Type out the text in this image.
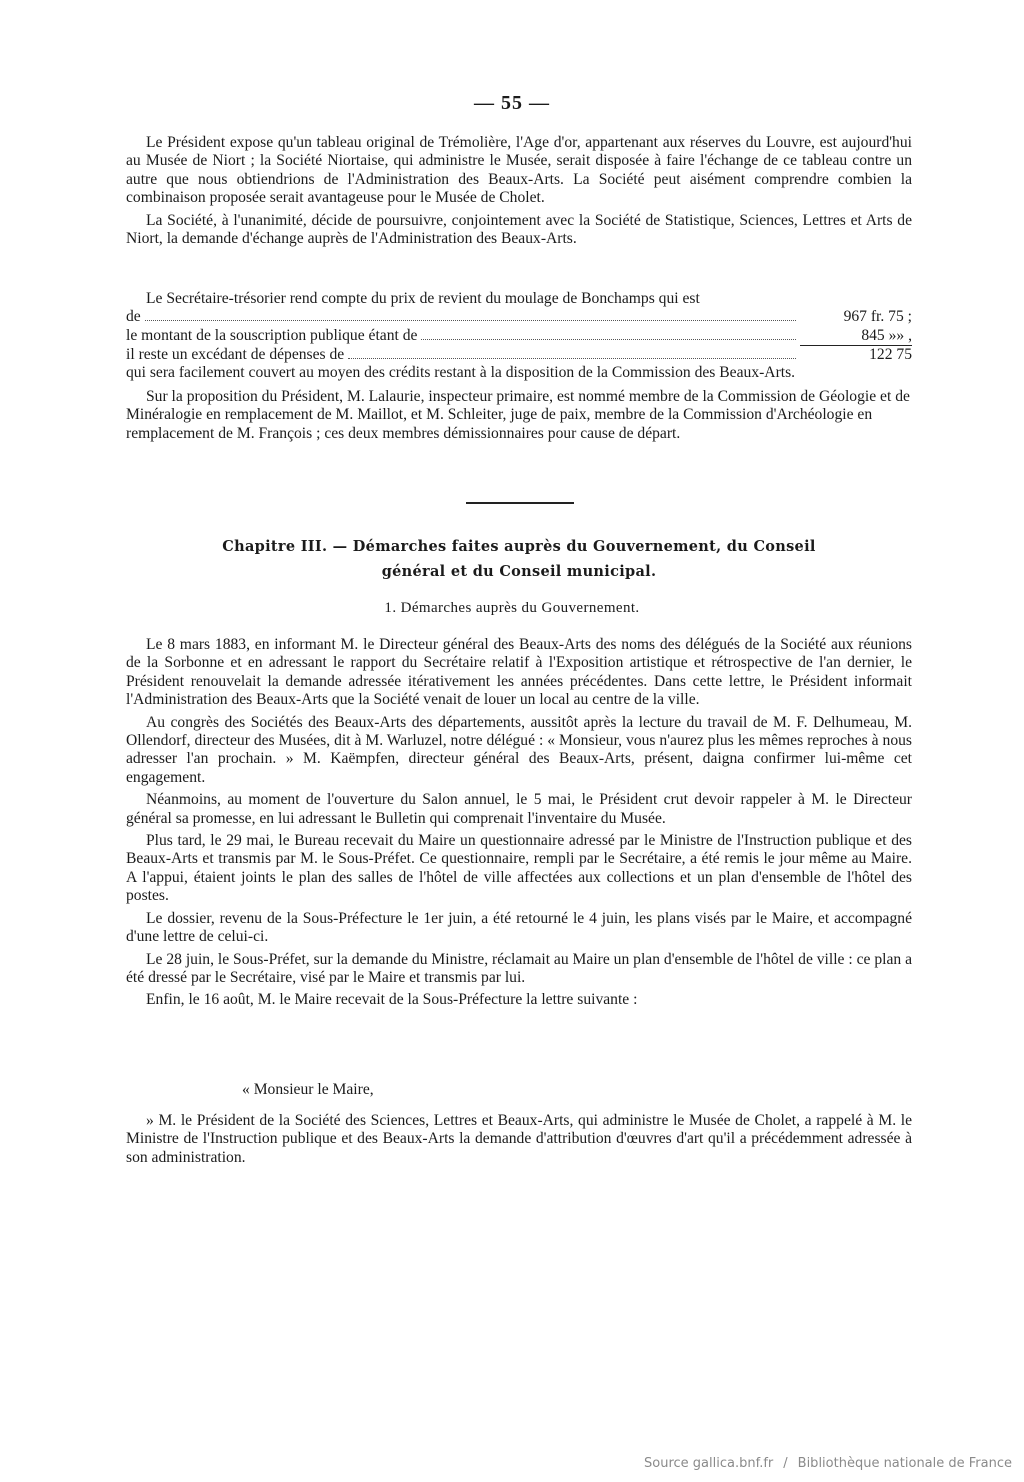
— 55 —

Le Président expose qu'un tableau original de Trémolière, l'Age d'or, appartenant aux réserves du Louvre, est aujourd'hui au Musée de Niort ; la Société Niortaise, qui administre le Musée, serait disposée à faire l'échange de ce tableau contre un autre que nous obtiendrions de l'Administration des Beaux-Arts. La Société peut aisément comprendre combien la combinaison proposée serait avantageuse pour le Musée de Cholet.

La Société, à l'unanimité, décide de poursuivre, conjointement avec la Société de Statistique, Sciences, Lettres et Arts de Niort, la demande d'échange auprès de l'Administration des Beaux-Arts.

Le Secrétaire-trésorier rend compte du prix de revient du moulage de Bonchamps qui est
de	967 fr. 75 ;
le montant de la souscription publique étant de	845 »» ,
il reste un excédant de dépenses de	122 75
qui sera facilement couvert au moyen des crédits restant à la disposition de la Commission des Beaux-Arts.

Sur la proposition du Président, M. Lalaurie, inspecteur primaire, est nommé membre de la Commission de Géologie et de Minéralogie en remplacement de M. Maillot, et M. Schleiter, juge de paix, membre de la Commission d'Archéologie en remplacement de M. François ; ces deux membres démissionnaires pour cause de départ.

Chapitre III. — Démarches faites auprès du Gouvernement, du Conseil
général et du Conseil municipal.
1. Démarches auprès du Gouvernement.

Le 8 mars 1883, en informant M. le Directeur général des Beaux-Arts des noms des délégués de la Société aux réunions de la Sorbonne et en adressant le rapport du Secrétaire relatif à l'Exposition artistique et rétrospective de l'an dernier, le Président renouvelait la demande adressée itérativement les années précédentes. Dans cette lettre, le Président informait l'Administration des Beaux-Arts que la Société venait de louer un local au centre de la ville.

Au congrès des Sociétés des Beaux-Arts des départements, aussitôt après la lecture du travail de M. F. Delhumeau, M. Ollendorf, directeur des Musées, dit à M. Warluzel, notre délégué : « Monsieur, vous n'aurez plus les mêmes reproches à nous adresser l'an prochain. » M. Kaëmpfen, directeur général des Beaux-Arts, présent, daigna confirmer lui-même cet engagement.

Néanmoins, au moment de l'ouverture du Salon annuel, le 5 mai, le Président crut devoir rappeler à M. le Directeur général sa promesse, en lui adressant le Bulletin qui comprenait l'inventaire du Musée.

Plus tard, le 29 mai, le Bureau recevait du Maire un questionnaire adressé par le Ministre de l'Instruction publique et des Beaux-Arts et transmis par M. le Sous-Préfet. Ce questionnaire, rempli par le Secrétaire, a été remis le jour même au Maire. A l'appui, étaient joints le plan des salles de l'hôtel de ville affectées aux collections et un plan d'ensemble de l'hôtel des postes.

Le dossier, revenu de la Sous-Préfecture le 1er juin, a été retourné le 4 juin, les plans visés par le Maire, et accompagné d'une lettre de celui-ci.

Le 28 juin, le Sous-Préfet, sur la demande du Ministre, réclamait au Maire un plan d'ensemble de l'hôtel de ville : ce plan a été dressé par le Secrétaire, visé par le Maire et transmis par lui.

Enfin, le 16 août, M. le Maire recevait de la Sous-Préfecture la lettre suivante :

« Monsieur le Maire,

» M. le Président de la Société des Sciences, Lettres et Beaux-Arts, qui administre le Musée de Cholet, a rappelé à M. le Ministre de l'Instruction publique et des Beaux-Arts la demande d'attribution d'œuvres d'art qu'il a précédemment adressée à son administration.

Source gallica.bnf.fr / Bibliothèque nationale de France
